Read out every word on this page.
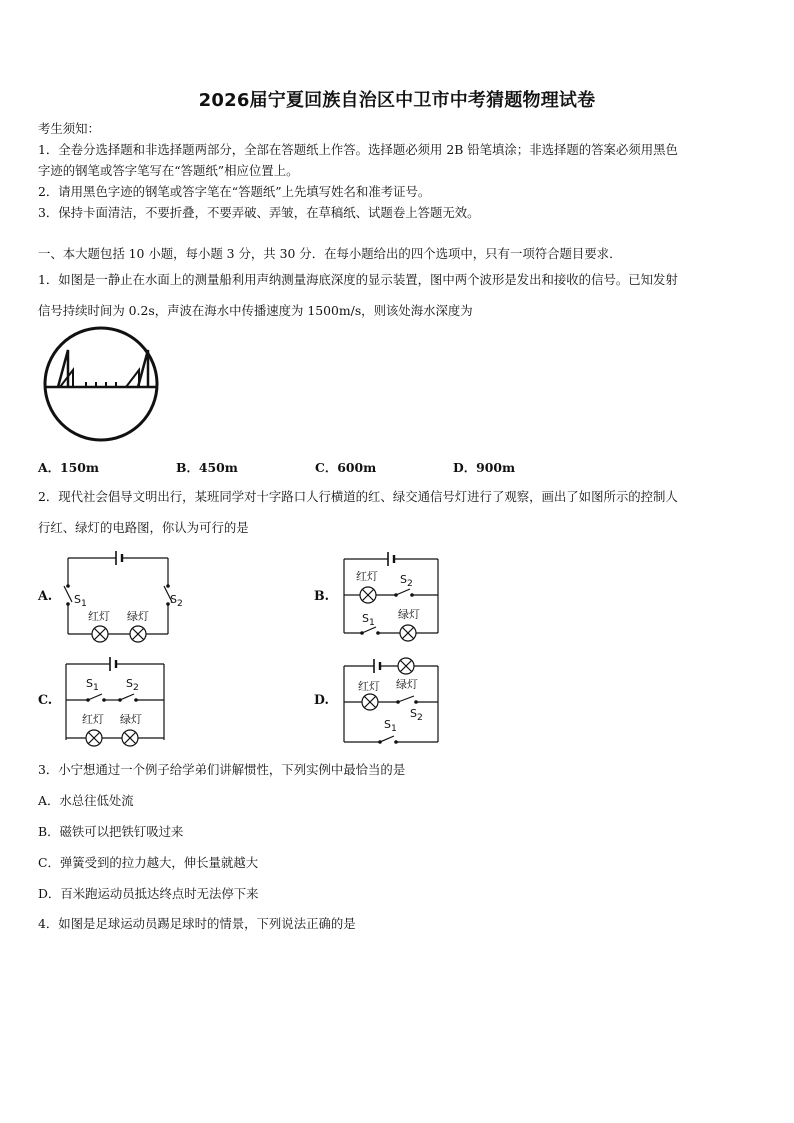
2026届宁夏回族自治区中卫市中考猜题物理试卷
考生须知：
1．全卷分选择题和非选择题两部分，全部在答题纸上作答。选择题必须用 2B 铅笔填涂；非选择题的答案必须用黑色
字迹的钢笔或答字笔写在“答题纸”相应位置上。
2．请用黑色字迹的钢笔或答字笔在“答题纸”上先填写姓名和准考证号。
3．保持卡面清洁，不要折叠，不要弄破、弄皱，在草稿纸、试题卷上答题无效。
一、本大题包括 10 小题，每小题 3 分，共 30 分．在每小题给出的四个选项中，只有一项符合题目要求．
1．如图是一静止在水面上的测量船利用声纳测量海底深度的显示装置，图中两个波形是发出和接收的信号。已知发射
信号持续时间为 0.2s，声波在海水中传播速度为 1500m/s，则该处海水深度为
A．150m	B．450m	C．600m	D．900m
2．现代社会倡导文明出行，某班同学对十字路口人行横道的红、绿交通信号灯进行了观察，画出了如图所示的控制人
行红、绿灯的电路图，你认为可行的是
A.	B.
C.	D.
$S_1$	$S_2$
红灯 绿灯
红灯 $S_2$
$S_1$
绿灯
$S_1$ $S_2$
红灯 绿灯
红灯 绿灯
$S_2$
$S_1$
3．小宁想通过一个例子给学弟们讲解惯性，下列实例中最恰当的是
A．水总往低处流
B．磁铁可以把铁钉吸过来
C．弹簧受到的拉力越大，伸长量就越大
D．百米跑运动员抵达终点时无法停下来
4．如图是足球运动员踢足球时的情景，下列说法正确的是
